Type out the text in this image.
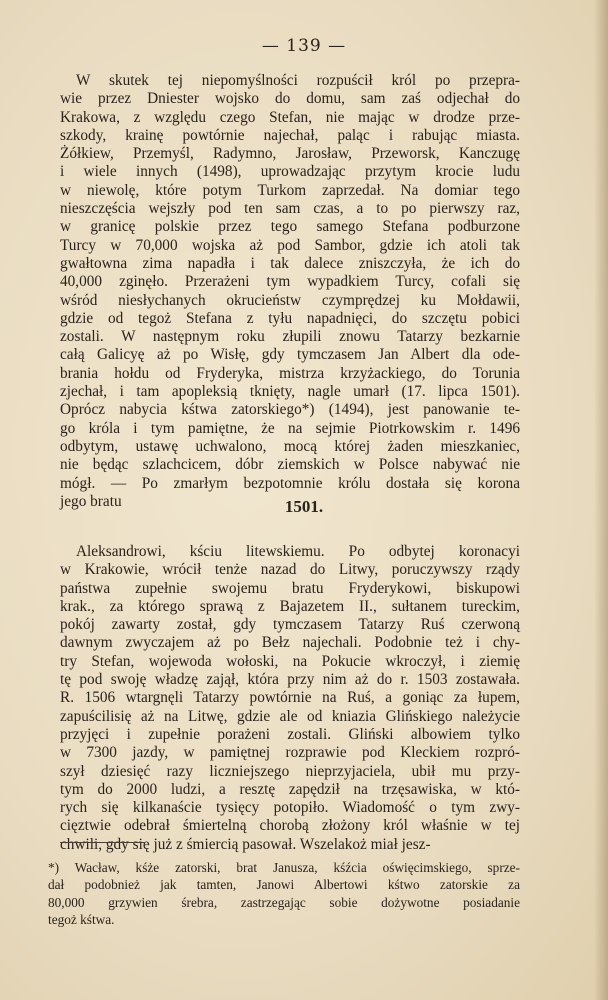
— 139 —
W skutek tej niepomyślności rozpuścił król po przepra-
wie przez Dniester wojsko do domu, sam zaś odjechał do
Krakowa, z względu czego Stefan, nie mając w drodze prze-
szkody, krainę powtórnie najechał, paląc i rabując miasta.
Żółkiew, Przemyśl, Radymno, Jarosław, Przeworsk, Kanczugę
i wiele innych (1498), uprowadzając przytym krocie ludu
w niewolę, które potym Turkom zaprzedał. Na domiar tego
nieszczęścia wejszły pod ten sam czas, a to po pierwszy raz,
w granicę polskie przez tego samego Stefana podburzone
Turcy w 70,000 wojska aż pod Sambor, gdzie ich atoli tak
gwałtowna zima napadła i tak dalece zniszczyła, że ich do
40,000 zginęło. Przerażeni tym wypadkiem Turcy, cofali się
wśród niesłychanych okrucieństw czymprędzej ku Mołdawii,
gdzie od tegoż Stefana z tyłu napadnięci, do szczętu pobici
zostali. W następnym roku złupili znowu Tatarzy bezkarnie
całą Galicyę aż po Wisłę, gdy tymczasem Jan Albert dla ode-
brania hołdu od Fryderyka, mistrza krzyżackiego, do Torunia
zjechał, i tam apopleksią tknięty, nagle umarł (17. lipca 1501).
Oprócz nabycia kśtwa zatorskiego*) (1494), jest panowanie te-
go króla i tym pamiętne, że na sejmie Piotrkowskim r. 1496
odbytym, ustawę uchwalono, mocą której żaden mieszkaniec,
nie będąc szlachcicem, dóbr ziemskich w Polsce nabywać nie
mógł. — Po zmarłym bezpotomnie królu dostała się korona
jego bratu	1501.
Aleksandrowi, kściu litewskiemu. Po odbytej koronacyi
w Krakowie, wrócił tenże nazad do Litwy, poruczywszy rządy
państwa zupełnie swojemu bratu Fryderykowi, biskupowi
krak., za którego sprawą z Bajazetem II., sułtanem tureckim,
pokój zawarty został, gdy tymczasem Tatarzy Ruś czerwoną
dawnym zwyczajem aż po Bełz najechali. Podobnie też i chy-
try Stefan, wojewoda wołoski, na Pokucie wkroczył, i ziemię
tę pod swoję władzę zajął, która przy nim aż do r. 1503 zostawała.
R. 1506 wtargnęli Tatarzy powtórnie na Ruś, a goniąc za łupem,
zapuścilisię aż na Litwę, gdzie ale od kniazia Glińskiego należycie
przyjęci i zupełnie porażeni zostali. Gliński albowiem tylko
w 7300 jazdy, w pamiętnej rozprawie pod Kleckiem rozpró-
szył dziesięć razy liczniejszego nieprzyjaciela, ubił mu przy-
tym do 2000 ludzi, a resztę zapędził na trzęsawiska, w któ-
rych się kilkanaście tysięcy potopiło. Wiadomość o tym zwy-
cięztwie odebrał śmiertelną chorobą złożony król właśnie w tej
chwili, gdy się już z śmiercią pasował. Wszelakoż miał jesz-
*) Wacław, kśże zatorski, brat Janusza, kśźcia oświęcimskiego, sprze-
dał podobnież jak tamten, Janowi Albertowi kśtwo zatorskie za
80,000 grzywien śrebra, zastrzegając sobie dożywotne posiadanie
tegoż kśtwa.
